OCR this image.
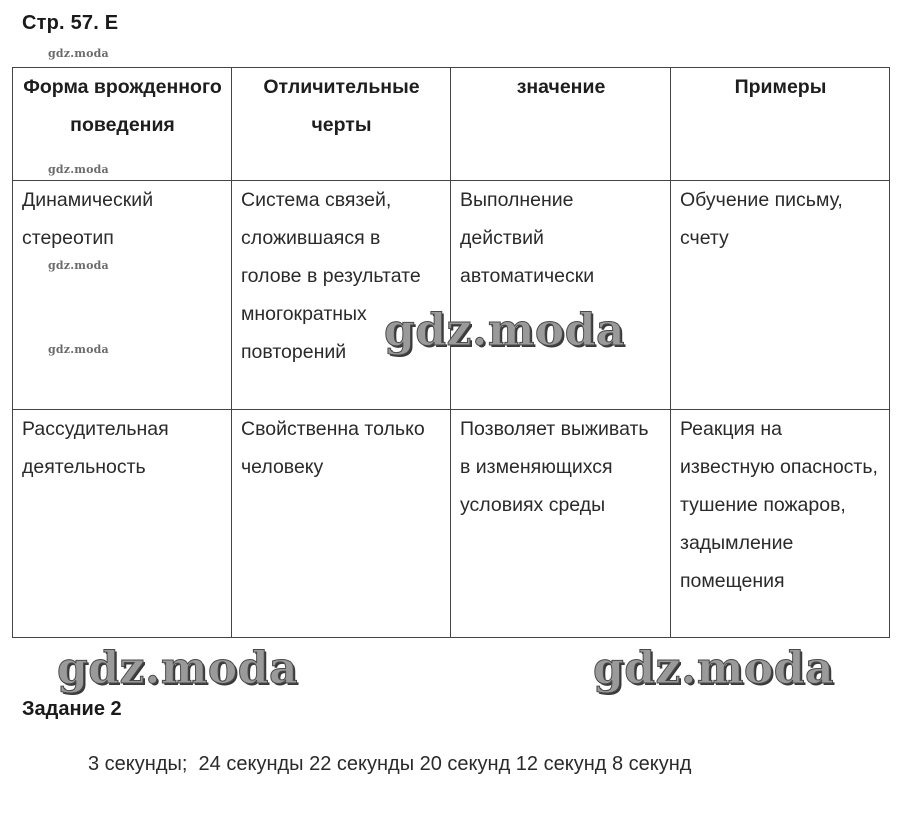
Стр. 57. Е
Форма врожденного поведения	Отличительные черты	значение	Примеры
Динамический стереотип	Система связей, сложившаяся в голове в результате многократных повторений	Выполнение действий автоматически	Обучение письму, счету
Рассудительная деятельность	Свойственна только человеку	Позволяет выживать в изменяющихся условиях среды	Реакция на известную опасность, тушение пожаров, задымление помещения
gdz.moda
gdz.moda
gdz.moda
gdz.moda	gdz.moda
gdz.moda	gdz.moda
Задание 2
3 секунды;  24 секунды 22 секунды 20 секунд 12 секунд 8 секунд
